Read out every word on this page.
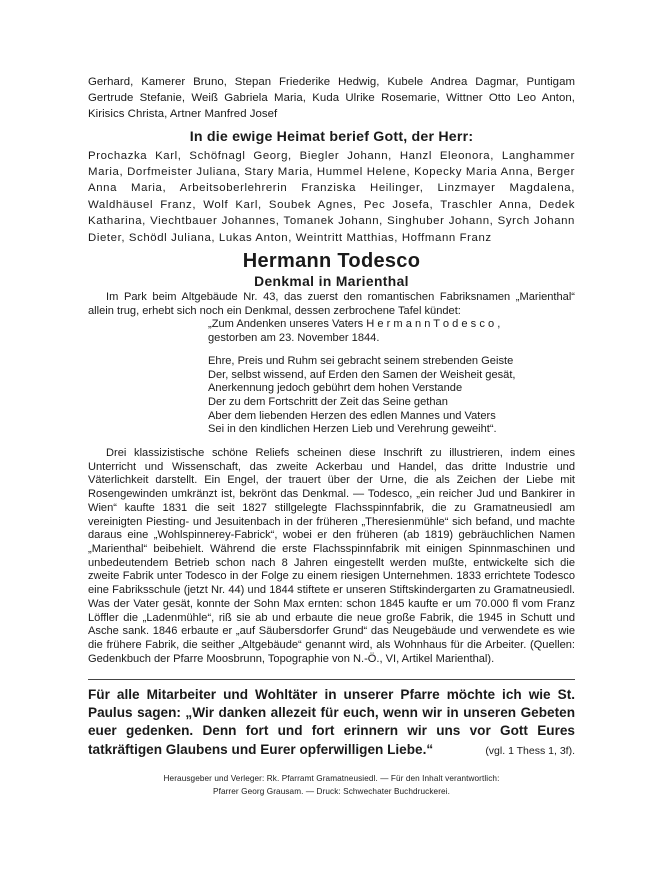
Gerhard, Kamerer Bruno, Stepan Friederike Hedwig, Kubele Andrea Dagmar, Puntigam Gertrude Stefanie, Weiß Gabriela Maria, Kuda Ulrike Rosemarie, Wittner Otto Leo Anton, Kirisics Christa, Artner Manfred Josef

In die ewige Heimat berief Gott, der Herr:

Prochazka Karl, Schöfnagl Georg, Biegler Johann, Hanzl Eleonora, Langhammer Maria, Dorfmeister Juliana, Stary Maria, Hummel Helene, Kopecky Maria Anna, Berger Anna Maria, Arbeitsoberlehrerin Franziska Heilinger, Linzmayer Magdalena, Waldhäusel Franz, Wolf Karl, Soubek Agnes, Pec Josefa, Traschler Anna, Dedek Katharina, Viechtbauer Johannes, Tomanek Johann, Singhuber Johann, Syrch Johann Dieter, Schödl Juliana, Lukas Anton, Weintritt Matthias, Hoffmann Franz

Hermann Todesco
Denkmal in Marienthal

Im Park beim Altgebäude Nr. 43, das zuerst den romantischen Fabriksnamen „Marienthal“ allein trug, erhebt sich noch ein Denkmal, dessen zerbrochene Tafel kündet:

„Zum Andenken unseres Vaters H e r m a n n T o d e s c o ,

gestorben am 23. November 1844.

Ehre, Preis und Ruhm sei gebracht seinem strebenden Geiste

Der, selbst wissend, auf Erden den Samen der Weisheit gesät,

Anerkennung jedoch gebührt dem hohen Verstande

Der zu dem Fortschritt der Zeit das Seine gethan

Aber dem liebenden Herzen des edlen Mannes und Vaters

Sei in den kindlichen Herzen Lieb und Verehrung geweiht“.

Drei klassizistische schöne Reliefs scheinen diese Inschrift zu illustrieren, indem eines Unterricht und Wissenschaft, das zweite Ackerbau und Handel, das dritte Industrie und Väterlichkeit darstellt. Ein Engel, der trauert über der Urne, die als Zeichen der Liebe mit Rosengewinden umkränzt ist, bekrönt das Denkmal. — Todesco, „ein reicher Jud und Bankirer in Wien“ kaufte 1831 die seit 1827 stillgelegte Flachsspinnfabrik, die zu Gramatneusiedl am vereinigten Piesting- und Jesuitenbach in der früheren „Theresienmühle“ sich befand, und machte daraus eine „Wohlspinnerey-Fabrick“, wobei er den früheren (ab 1819) gebräuchlichen Namen „Marienthal“ beibehielt. Während die erste Flachsspinnfabrik mit einigen Spinnmaschinen und unbedeutendem Betrieb schon nach 8 Jahren eingestellt werden mußte, entwickelte sich die zweite Fabrik unter Todesco in der Folge zu einem riesigen Unternehmen. 1833 errichtete Todesco eine Fabriksschule (jetzt Nr. 44) und 1844 stiftete er unseren Stiftskindergarten zu Gramatneusiedl. Was der Vater gesät, konnte der Sohn Max ernten: schon 1845 kaufte er um 70.000 fl vom Franz Löffler die „Ladenmühle“, riß sie ab und erbaute die neue große Fabrik, die 1945 in Schutt und Asche sank. 1846 erbaute er „auf Säubersdorfer Grund“ das Neugebäude und verwendete es wie die frühere Fabrik, die seither „Altgebäude“ genannt wird, als Wohnhaus für die Arbeiter. (Quellen: Gedenkbuch der Pfarre Moosbrunn, Topographie von N.-Ö., VI, Artikel Marienthal).

Für alle Mitarbeiter und Wohltäter in unserer Pfarre möchte ich wie St. Paulus sagen: „Wir danken allezeit für euch, wenn wir in unseren Gebeten euer gedenken. Denn fort und fort erinnern wir uns vor Gott Eures tatkräftigen Glaubens und Eurer opferwilligen Liebe.“	(vgl. 1 Thess 1, 3f).

Herausgeber und Verleger: Rk. Pfarramt Gramatneusiedl. — Für den Inhalt verantwortlich:
Pfarrer Georg Grausam. — Druck: Schwechater Buchdruckerei.
